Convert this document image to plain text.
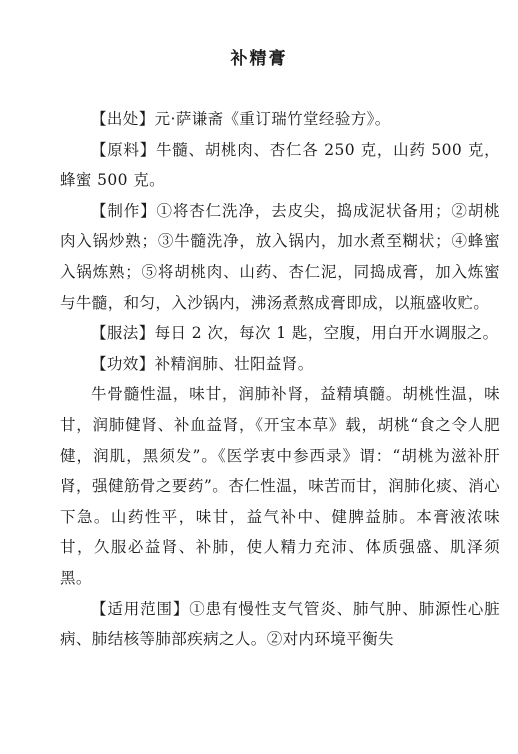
补精膏

【出处】元·萨谦斋《重订瑞竹堂经验方》。

【原料】牛髓、胡桃肉、杏仁各 250 克，山药 500 克，蜂蜜 500 克。

【制作】①将杏仁洗净，去皮尖，捣成泥状备用；②胡桃肉入锅炒熟；③牛髓洗净，放入锅内，加水煮至糊状；④蜂蜜入锅炼熟；⑤将胡桃肉、山药、杏仁泥，同捣成膏，加入炼蜜与牛髓，和匀，入沙锅内，沸汤煮熬成膏即成，以瓶盛收贮。

【服法】每日 2 次，每次 1 匙，空腹，用白开水调服之。

【功效】补精润肺、壮阳益肾。

牛骨髓性温，味甘，润肺补肾，益精填髓。胡桃性温，味甘，润肺健肾、补血益肾，《开宝本草》载，胡桃“食之令人肥健，润肌，黑须发”。《医学衷中参西录》谓：“胡桃为滋补肝肾，强健筋骨之要药”。杏仁性温，味苦而甘，润肺化痰、消心下急。山药性平，味甘，益气补中、健脾益肺。本膏液浓味甘，久服必益肾、补肺，使人精力充沛、体质强盛、肌泽须黑。

【适用范围】①患有慢性支气管炎、肺气肿、肺源性心脏病、肺结核等肺部疾病之人。②对内环境平衡失
